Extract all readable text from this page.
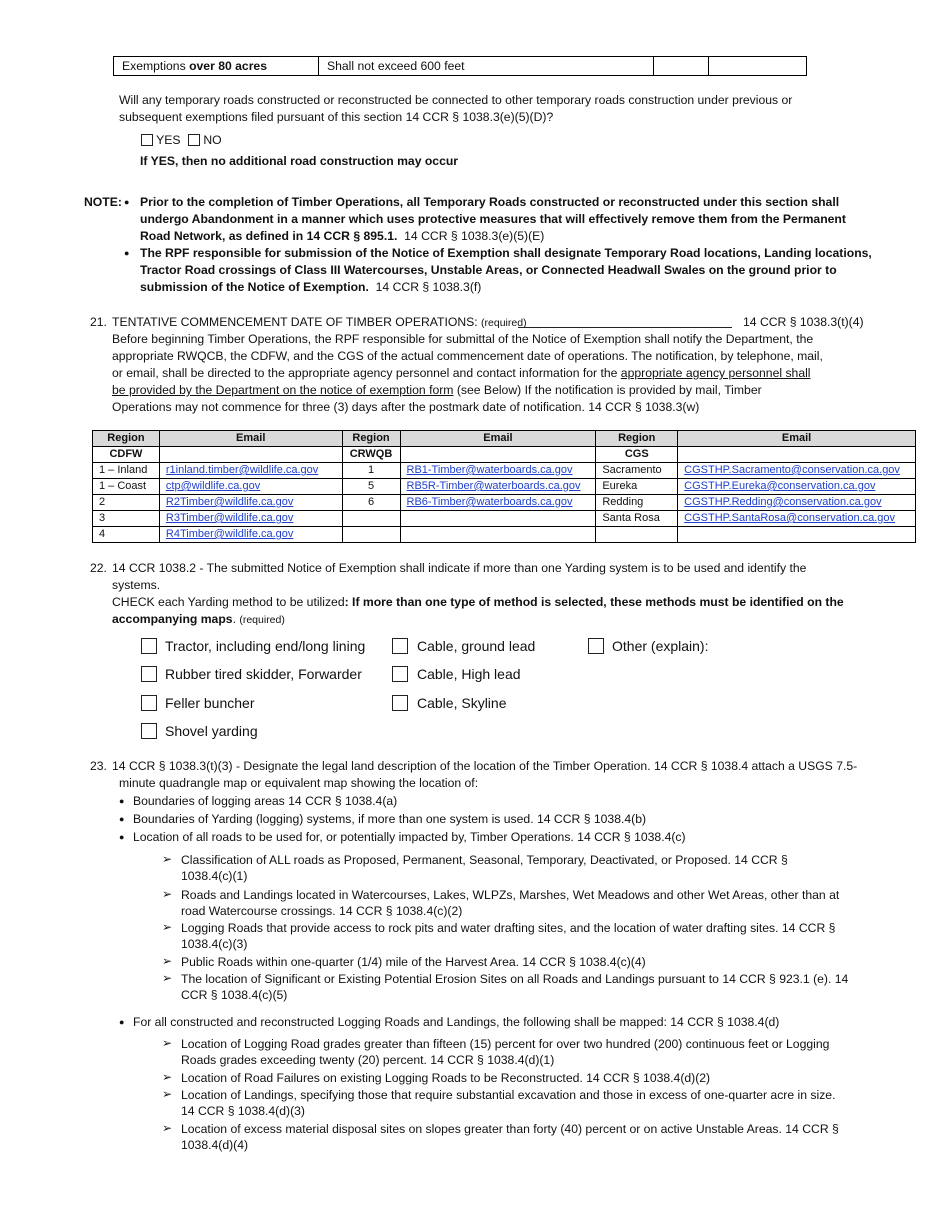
Exemptions over 80 acres	Shall not exceed 600 feet
Will any temporary roads constructed or reconstructed be connected to other temporary roads construction under previous or
subsequent exemptions filed pursuant of this section 14 CCR § 1038.3(e)(5)(D)?
YES NO
If YES, then no additional road construction may occur
NOTE: ● Prior to the completion of Timber Operations, all Temporary Roads constructed or reconstructed under this section shall
undergo Abandonment in a manner which uses protective measures that will effectively remove them from the Permanent
Road Network, as defined in 14 CCR § 895.1.  14 CCR § 1038.3(e)(5)(E)
● The RPF responsible for submission of the Notice of Exemption shall designate Temporary Road locations, Landing locations,
Tractor Road crossings of Class III Watercourses, Unstable Areas, or Connected Headwall Swales on the ground prior to
submission of the Notice of Exemption.  14 CCR § 1038.3(f)
21. TENTATIVE COMMENCEMENT DATE OF TIMBER OPERATIONS: (required)	14 CCR § 1038.3(t)(4)
Before beginning Timber Operations, the RPF responsible for submittal of the Notice of Exemption shall notify the Department, the
appropriate RWQCB, the CDFW, and the CGS of the actual commencement date of operations. The notification, by telephone, mail,
or email, shall be directed to the appropriate agency personnel and contact information for the appropriate agency personnel shall
be provided by the Department on the notice of exemption form (see Below) If the notification is provided by mail, Timber
Operations may not commence for three (3) days after the postmark date of notification. 14 CCR § 1038.3(w)
Region	Email	Region	Email	Region	Email
CDFW		CRWQB		CGS	
1 – Inland	r1inland.timber@wildlife.ca.gov	1	RB1-Timber@waterboards.ca.gov	Sacramento	CGSTHP.Sacramento@conservation.ca.gov
1 – Coast	ctp@wildlife.ca.gov	5	RB5R-Timber@waterboards.ca.gov	Eureka	CGSTHP.Eureka@conservation.ca.gov
2	R2Timber@wildlife.ca.gov	6	RB6-Timber@waterboards.ca.gov	Redding	CGSTHP.Redding@conservation.ca.gov
3	R3Timber@wildlife.ca.gov			Santa Rosa	CGSTHP.SantaRosa@conservation.ca.gov
4	R4Timber@wildlife.ca.gov				
22. 14 CCR 1038.2 - The submitted Notice of Exemption shall indicate if more than one Yarding system is to be used and identify the
systems.
CHECK each Yarding method to be utilized: If more than one type of method is selected, these methods must be identified on the
accompanying maps. (required)
Tractor, including end/long lining
Rubber tired skidder, Forwarder
Feller buncher
Shovel yarding
Cable, ground lead
Cable, High lead
Cable, Skyline
Other (explain):
23. 14 CCR § 1038.3(t)(3) - Designate the legal land description of the location of the Timber Operation. 14 CCR § 1038.4 attach a USGS 7.5-
minute quadrangle map or equivalent map showing the location of:
● Boundaries of logging areas 14 CCR § 1038.4(a)
● Boundaries of Yarding (logging) systems, if more than one system is used. 14 CCR § 1038.4(b)
● Location of all roads to be used for, or potentially impacted by, Timber Operations. 14 CCR § 1038.4(c)
➢ Classification of ALL roads as Proposed, Permanent, Seasonal, Temporary, Deactivated, or Proposed. 14 CCR §
1038.4(c)(1)
➢ Roads and Landings located in Watercourses, Lakes, WLPZs, Marshes, Wet Meadows and other Wet Areas, other than at
road Watercourse crossings. 14 CCR § 1038.4(c)(2)
➢ Logging Roads that provide access to rock pits and water drafting sites, and the location of water drafting sites. 14 CCR §
1038.4(c)(3)
➢ Public Roads within one-quarter (1/4) mile of the Harvest Area. 14 CCR § 1038.4(c)(4)
➢ The location of Significant or Existing Potential Erosion Sites on all Roads and Landings pursuant to 14 CCR § 923.1 (e). 14
CCR § 1038.4(c)(5)
● For all constructed and reconstructed Logging Roads and Landings, the following shall be mapped: 14 CCR § 1038.4(d)
➢ Location of Logging Road grades greater than fifteen (15) percent for over two hundred (200) continuous feet or Logging
Roads grades exceeding twenty (20) percent. 14 CCR § 1038.4(d)(1)
➢ Location of Road Failures on existing Logging Roads to be Reconstructed. 14 CCR § 1038.4(d)(2)
➢ Location of Landings, specifying those that require substantial excavation and those in excess of one-quarter acre in size.
14 CCR § 1038.4(d)(3)
➢ Location of excess material disposal sites on slopes greater than forty (40) percent or on active Unstable Areas. 14 CCR §
1038.4(d)(4)
